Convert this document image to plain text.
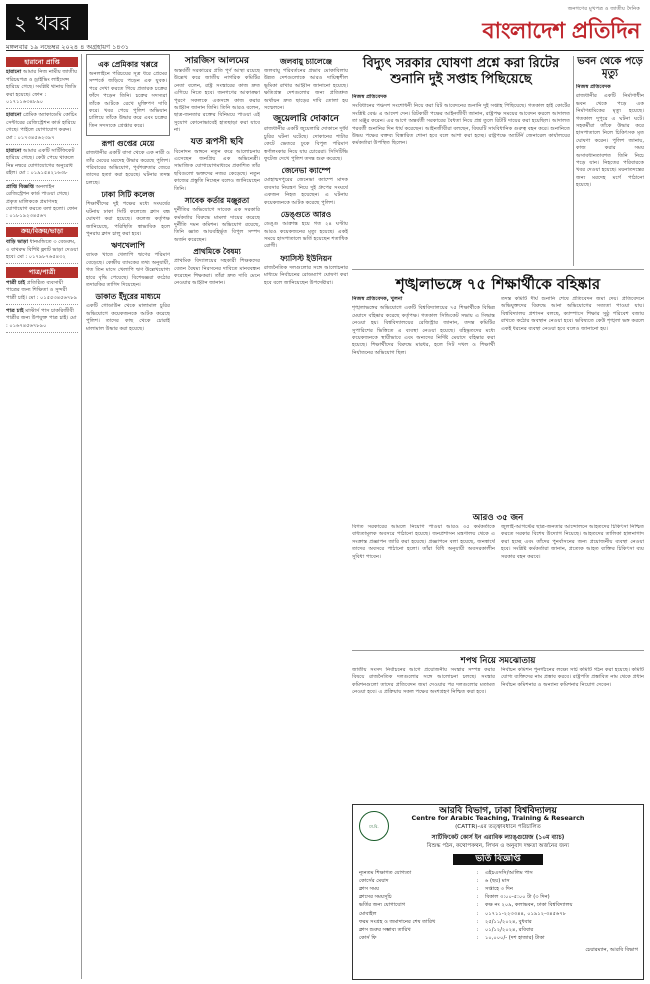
২ খবর
মঙ্গলবার ১৯ নভেম্বর ২০২৪ ৪ অগ্রহায়ণ ১৪৩১
জনগণের মুখপত্র ও জাতীয় দৈনিক
বাংলাদেশ প্রতিদিন
হারানো প্রাপ্তি
হারানো আমার নিজ নামীয় জাতীয় পরিচয়পত্র ও ড্রাইভিং লাইসেন্স হারিয়ে গেছে। সংশ্লিষ্ট থানায় জিডি করা হয়েছে। ফোন : ০১৭১১৬৩৪৮৯০
হারানো প্রেমিক অ্যাকাডেমি কোচিং সেন্টারের রেজিস্ট্রেশন কার্ড হারিয়ে গেছে। পাইলে যোগাযোগ করুন। মো : ০১৭৩৪৫৬২৩৯৭
হারানো আমার একটি সার্টিফিকেট হারিয়ে গেছে। কেউ পেয়ে থাকলে নিম্ন নম্বরে যোগাযোগের অনুরোধ রইল। মো : ০১৯১৫৪২১৬৩৮
প্রাপ্তি বিজ্ঞপ্তি অনলাইন রেজিস্ট্রেশন কার্ড পাওয়া গেছে। প্রকৃত মালিককে প্রমাণসহ যোগাযোগ করতে বলা হলো। ফোন : ০১৮১৯২৩৪৫৬৭
ক্রয়/বিক্রয়/ভাড়া
বাড়ি ভাড়া ধানমন্ডিতে ৩ বেডরুম, ৩ বাথরুম বিশিষ্ট ফ্ল্যাট ভাড়া দেওয়া হবে। মো : ০১৭৯৮৭৬৫৪৩২
পাত্র/পাত্রী
পাত্রী চাই প্রতিষ্ঠিত ব্যবসায়ী পাত্রের জন্য শিক্ষিতা ও সুন্দরী পাত্রী চাই। মো : ০১৫৫৩৪৫৬৭৮৯
পাত্র চাই মাস্টার্স পাস চাকরিজীবী পাত্রীর জন্য উপযুক্ত পাত্র চাই। মো : ০১৬৭৪৫৬৭৮৯০
এক প্রেমিকার খপ্পরে

অনলাইনে পরিচয়ের সূত্র ধরে প্রেমের সম্পর্কে জড়িয়ে পড়েন এক যুবক। পরে দেখা করতে গিয়ে প্রতারক চক্রের ফাঁদে পড়েন তিনি। চক্রের সদস্যরা তাঁকে আটকে রেখে মুক্তিপণ দাবি করে। খবর পেয়ে পুলিশ অভিযান চালিয়ে তাঁকে উদ্ধার করে এবং চক্রের তিন সদস্যকে গ্রেপ্তার করে।

রূপা গুপ্তের মেয়ে

রাজধানীর একটি বাসা থেকে এক নারী ও তাঁর মেয়ের মরদেহ উদ্ধার করেছে পুলিশ। পরিবারের অভিযোগ, পূর্বশত্রুতার জেরে তাদের হত্যা করা হয়েছে। ঘটনার তদন্ত চলছে।

ঢাকা সিটি কলেজ

শিক্ষার্থীদের দুই পক্ষের মধ্যে সংঘর্ষের ঘটনায় ঢাকা সিটি কলেজে ক্লাস বন্ধ ঘোষণা করা হয়েছে। কলেজ কর্তৃপক্ষ জানিয়েছে, পরিস্থিতি স্বাভাবিক হলে পুনরায় ক্লাস চালু করা হবে।

ঋণখেলাপি

ব্যাংক খাতে খেলাপি ঋণের পরিমাণ বেড়েছে। কেন্দ্রীয় ব্যাংকের তথ্য অনুযায়ী, গত তিন মাসে খেলাপি ঋণ উল্লেখযোগ্য হারে বৃদ্ধি পেয়েছে। বিশেষজ্ঞরা কঠোর তদারকির তাগিদ দিয়েছেন।

ডাকাত ইঁদুরের মাধ্যমে

একটি গোডাউন থেকে মালামাল চুরির অভিযোগে কয়েকজনকে আটক করেছে পুলিশ। তাদের কাছ থেকে চোরাই মালামাল উদ্ধার করা হয়েছে।

সারজিস আলমের

অন্তর্বর্তী সরকারের প্রতি পূর্ণ আস্থা রয়েছে উল্লেখ করে জাতীয় নাগরিক কমিটির নেতা বলেন, রাষ্ট্র সংস্কারের কাজ দ্রুত এগিয়ে নিতে হবে। জনগণের আকাঙ্ক্ষা পূরণে সকলকে একসঙ্গে কাজ করার আহ্বান জানান তিনি। তিনি আরও বলেন, ছাত্র-জনতার রক্তের বিনিময়ে পাওয়া এই সুযোগ কোনোভাবেই হাতছাড়া করা যাবে না।

যত রূপসী ছবি

বিনোদন অঙ্গনে নতুন করে আলোচনায় এসেছেন জনপ্রিয় এক অভিনেত্রী। সামাজিক যোগাযোগমাধ্যমে প্রকাশিত তাঁর ছবিগুলো ভক্তদের নজর কেড়েছে। নতুন কাজের প্রস্তুতি নিচ্ছেন বলেও জানিয়েছেন তিনি।

সাবেক কর্তার মঞ্জুরতা

দুর্নীতির অভিযোগে সাবেক এক সরকারি কর্মকর্তার বিরুদ্ধে মামলা দায়ের করেছে দুর্নীতি দমন কমিশন। অভিযোগ রয়েছে, তিনি জ্ঞাত আয়বহির্ভূত বিপুল সম্পদ অর্জন করেছেন।

প্রাথমিকে বৈষম্য

প্রাথমিক বিদ্যালয়ের সহকারী শিক্ষকদের বেতন বৈষম্য নিরসনের দাবিতে মানববন্ধন করেছেন শিক্ষকরা। তাঁরা দ্রুত দাবি মেনে নেওয়ার আহ্বান জানান।

জলবায়ু চ্যালেঞ্জে

জলবায়ু পরিবর্তনের প্রভাব মোকাবিলায় উন্নত দেশগুলোকে আরও দায়িত্বশীল ভূমিকা রাখার আহ্বান জানানো হয়েছে। ক্ষতিগ্রস্ত দেশগুলোর জন্য প্রতিশ্রুত অর্থায়ন দ্রুত ছাড়ের দাবি তোলা হয় সম্মেলনে।

জুয়েলারি দোকানে

রাজধানীর একটি জুয়েলারি দোকানে দুর্ধর্ষ চুরির ঘটনা ঘটেছে। দোকানের শাটার কেটে ভেতরে ঢুকে বিপুল পরিমাণ স্বর্ণালংকার নিয়ে যায় চোরেরা। সিসিটিভি ফুটেজ দেখে পুলিশ তদন্ত শুরু করেছে।

জেনেভা ক্যাম্পে

মোহাম্মদপুরের জেনেভা ক্যাম্পে মাদক ব্যবসার নিয়ন্ত্রণ নিয়ে দুই গ্রুপের সংঘর্ষে একজন নিহত হয়েছেন। এ ঘটনায় কয়েকজনকে আটক করেছে পুলিশ।

ডেঙ্গুতে আরও

ডেঙ্গু আক্রান্ত হয়ে গত ২৪ ঘণ্টায় আরও কয়েকজনের মৃত্যু হয়েছে। একই সময়ে হাসপাতালে ভর্তি হয়েছেন শতাধিক রোগী।

ফ্যাসিস্ট ইউনিয়ন

রাজনৈতিক দলগুলোর সঙ্গে আলোচনার মাধ্যমে নির্বাচনের রোডম্যাপ ঘোষণা করা হবে বলে জানিয়েছেন উপদেষ্টারা।

বিদ্যুৎ সরকার ঘোষণা প্রশ্নে করা রিটের শুনানি দুই সপ্তাহ পিছিয়েছে
নিজস্ব প্রতিবেদক
সংবিধানের পঞ্চদশ সংশোধনী নিয়ে করা রিট আবেদনের শুনানি দুই সপ্তাহ পিছিয়েছে। গতকাল হাই কোর্টের সংশ্লিষ্ট বেঞ্চ এ আদেশ দেন। রিটকারী পক্ষের আইনজীবী জানান, রাষ্ট্রপক্ষ সময়ের আবেদন করলে আদালত তা মঞ্জুর করেন। এর আগে অন্তর্বর্তী সরকারের বৈধতা নিয়ে প্রশ্ন তুলে রিটটি দায়ের করা হয়েছিল। আদালত পরবর্তী শুনানির দিন ধার্য করেছেন। আইনজীবীরা বলছেন, বিষয়টি সাংবিধানিক গুরুত্ব বহন করে। শুনানিতে উভয় পক্ষের বক্তব্য বিস্তারিত শোনা হবে বলে আশা করা হচ্ছে। রাষ্ট্রপক্ষে অ্যাটর্নি জেনারেল কার্যালয়ের কর্মকর্তারা উপস্থিত ছিলেন।
ভবন থেকে পড়ে মৃত্যু
নিজস্ব প্রতিবেদক
রাজধানীর একটি নির্মাণাধীন ভবন থেকে পড়ে এক নির্মাণশ্রমিকের মৃত্যু হয়েছে। গতকাল দুপুরে এ ঘটনা ঘটে। সহকর্মীরা তাঁকে উদ্ধার করে হাসপাতালে নিলে চিকিৎসক মৃত ঘোষণা করেন। পুলিশ জানায়, কাজ করার সময় অসাবধানতাবশত তিনি নিচে পড়ে যান। নিহতের পরিবারকে খবর দেওয়া হয়েছে। ময়নাতদন্তের জন্য মরদেহ মর্গে পাঠানো হয়েছে।
শৃঙ্খলাভঙ্গে ৭৫ শিক্ষার্থীকে বহিষ্কার
নিজস্ব প্রতিবেদক, খুলনা
শৃঙ্খলাভঙ্গের অভিযোগে একটি বিশ্ববিদ্যালয়ের ৭৫ শিক্ষার্থীকে বিভিন্ন মেয়াদে বহিষ্কার করেছে কর্তৃপক্ষ। গতকাল সিন্ডিকেট সভায় এ সিদ্ধান্ত নেওয়া হয়। বিশ্ববিদ্যালয়ের রেজিস্ট্রার জানান, তদন্ত কমিটির সুপারিশের ভিত্তিতে এ ব্যবস্থা নেওয়া হয়েছে। বহিষ্কৃতদের মধ্যে কয়েকজনকে স্থায়ীভাবে এবং অন্যদের নির্দিষ্ট মেয়াদে বহিষ্কার করা হয়েছে। শিক্ষার্থীদের বিরুদ্ধে মারধর, হলে সিট দখল ও শিক্ষার্থী নির্যাতনের অভিযোগ ছিল।
তদন্ত কমিটি দীর্ঘ শুনানি শেষে প্রতিবেদন জমা দেয়। প্রতিবেদনে অভিযুক্তদের বিরুদ্ধে আনা অভিযোগের সত্যতা পাওয়া যায়। বিশ্ববিদ্যালয় প্রশাসন বলছে, ক্যাম্পাসে শিক্ষার সুষ্ঠু পরিবেশ বজায় রাখতে কঠোর অবস্থান নেওয়া হবে। ভবিষ্যতে কেউ শৃঙ্খলা ভঙ্গ করলে একই ধরনের ব্যবস্থা নেওয়া হবে বলেও জানানো হয়।
আরও ৩৫ জন
বিগত সরকারের আমলে নিয়োগ পাওয়া আরও ৩৫ কর্মকর্তাকে বাধ্যতামূলক অবসরে পাঠানো হয়েছে। জনপ্রশাসন মন্ত্রণালয় থেকে এ সংক্রান্ত প্রজ্ঞাপন জারি করা হয়েছে। প্রজ্ঞাপনে বলা হয়েছে, জনস্বার্থে তাদের অবসরে পাঠানো হলো। তাঁরা বিধি অনুযায়ী অবসরকালীন সুবিধা পাবেন।
জুলাই-আগস্টের ছাত্র-জনতার আন্দোলনে আহতদের চিকিৎসা নিশ্চিত করতে সরকার বিশেষ উদ্যোগ নিয়েছে। আহতদের তালিকা হালনাগাদ করা হচ্ছে এবং তাঁদের পুনর্বাসনের জন্য প্রয়োজনীয় ব্যবস্থা নেওয়া হবে। সংশ্লিষ্ট কর্মকর্তারা জানান, প্রত্যেক আহত ব্যক্তির চিকিৎসা ব্যয় সরকার বহন করবে।
শপথ নিয়ে সমঝোতায়
জাতীয় সংসদ নির্বাচনের আগে প্রয়োজনীয় সংস্কার সম্পন্ন করার বিষয়ে রাজনৈতিক দলগুলোর সঙ্গে আলোচনা চলছে। সংস্কার কমিশনগুলো তাদের প্রতিবেদন জমা দেওয়ার পর দলগুলোর মতামত নেওয়া হবে। এ প্রক্রিয়ায় সকল পক্ষের অংশগ্রহণ নিশ্চিত করা হবে।
নির্বাচন কমিশন পুনর্গঠনের লক্ষ্যে সার্চ কমিটি গঠন করা হয়েছে। কমিটি যোগ্য ব্যক্তিদের নাম প্রস্তাব করবে। রাষ্ট্রপতি প্রস্তাবিত নাম থেকে প্রধান নির্বাচন কমিশনার ও অন্যান্য কমিশনার নিয়োগ দেবেন।
ঢা.বি.
আরবি বিভাগ, ঢাকা বিশ্ববিদ্যালয়
Centre for Arabic Teaching, Training & Research
(CATTR)-এর তত্ত্বাবধানে পরিচালিত
সার্টিফিকেট কোর্স ইন এরাবিক ল্যাঙ্গুয়েজ (১০ম ব্যাচ)
বিশুদ্ধ পঠন, কথোপকথন, লিখন ও অনুবাদ দক্ষতা অর্জনের জন্য
ভর্তি বিজ্ঞপ্তি
ন্যূনতম শিক্ষাগত যোগ্যতা	:	এইচএসসি/আলিম পাস
কোর্সের মেয়াদ	:	৬ (ছয়) মাস
ক্লাস সময়	:	সপ্তাহে ৩ দিন
ক্লাসের সময়সূচি	:	বিকাল ৩:০০-৫:০০ টা (৩ দিন)
ভর্তির জন্য যোগাযোগ	:	কক্ষ নং ২০৯, কলাভবন, ঢাকা বিশ্ববিদ্যালয়
মোবাইল	:	০১৭১১-২২৩৩৪৪, ০১৯১২-৩৪৫৬৭৮
ফরম সংগ্রহ ও জমাদানের শেষ তারিখ	:	২৫/১১/২০২৪, বুধবার
ক্লাস শুরুর সম্ভাব্য তারিখ	:	০১/১২/২০২৪, রবিবার
কোর্স ফি	:	১০,০০০/- (দশ হাজার) টাকা
চেয়ারম্যান, আরবি বিভাগ
